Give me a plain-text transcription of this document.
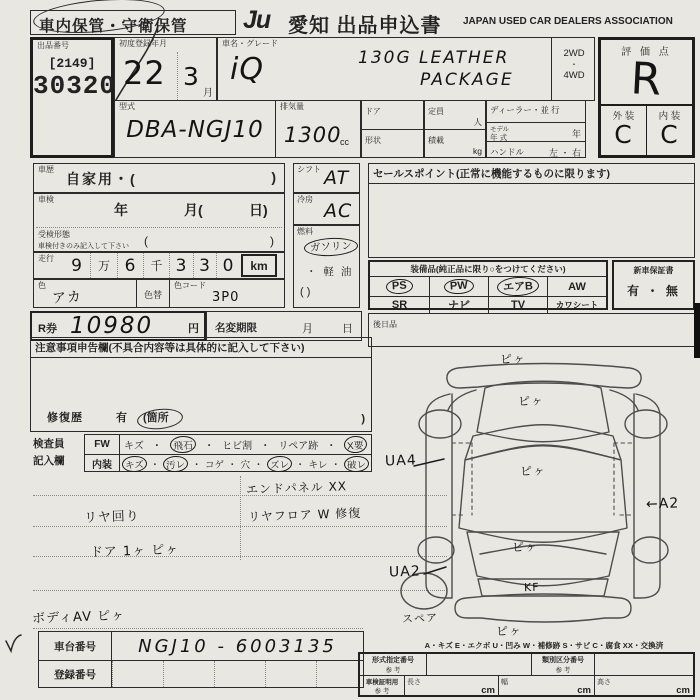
車内保管・守衛保管 Ju 愛知 出品申込書 JAPAN USED CAR DEALERS ASSOCIATION
出品番号
[2149]
30320
初度登録年月
22 3
月
車名・グレード
iQ	130G LEATHER
PACKAGE
2WD
・
4WD
評 価 点
R
外 装
C
内 装
C
型式
DBA-NGJ10
排気量
1300
cc
ドア
形状
定員
人
積載
kg
ディーラー・並 行
モデル
年 式	年
ハンドル	左 ・ 右
車歴
自家用・(	)
車検
年	月(	日)
受検形態
車検付きのみ記入して下さい (	)
走行	9	万 6	千 3 3 0	km
色
アカ	色替
色コード
3P0
シフト AT
冷房
AC
燃料
ガソリン
・ 軽 油
( )
R券 10980	円 名変期限	月	日
セールスポイント(正常に機能するものに限ります)
装備品(純正品に限り○をつけてください)
PS	PW	エアB	AW
SR	ナビ	TV	カワシート
新車保証書
有 ・ 無
後日品
注意事項申告欄(不具合内容等は具体的に記入して下さい)
修復歴	有 (箇所	)
検査員
記入欄
FW	キズ ・	飛石	・ ヒビ割 ・ リペア跡 ・	X要
内装	キズ ・ 汚レ ・ コゲ ・ 穴 ・ ズレ ・ キレ ・ 破レ
エンドパネル XX
リヤフロア W 修復
リヤ回り
ドア 1ヶ ピヶ
ボディAV ピヶ
ピヶ
ピヶ
ピヶ
ピヶ
KF
ピヶ
UA4
UA2
←A2
スペア
A・キズ E・エクボ U・凹み W・補修跡 S・サビ C・腐食 XX・交換済
車台番号	NGJ10 - 6003135
登録番号
形式指定番号
参 考
類別区分番号
参 考
車検証明用
参 考
長さ
cm
幅
cm
高さ
cm
